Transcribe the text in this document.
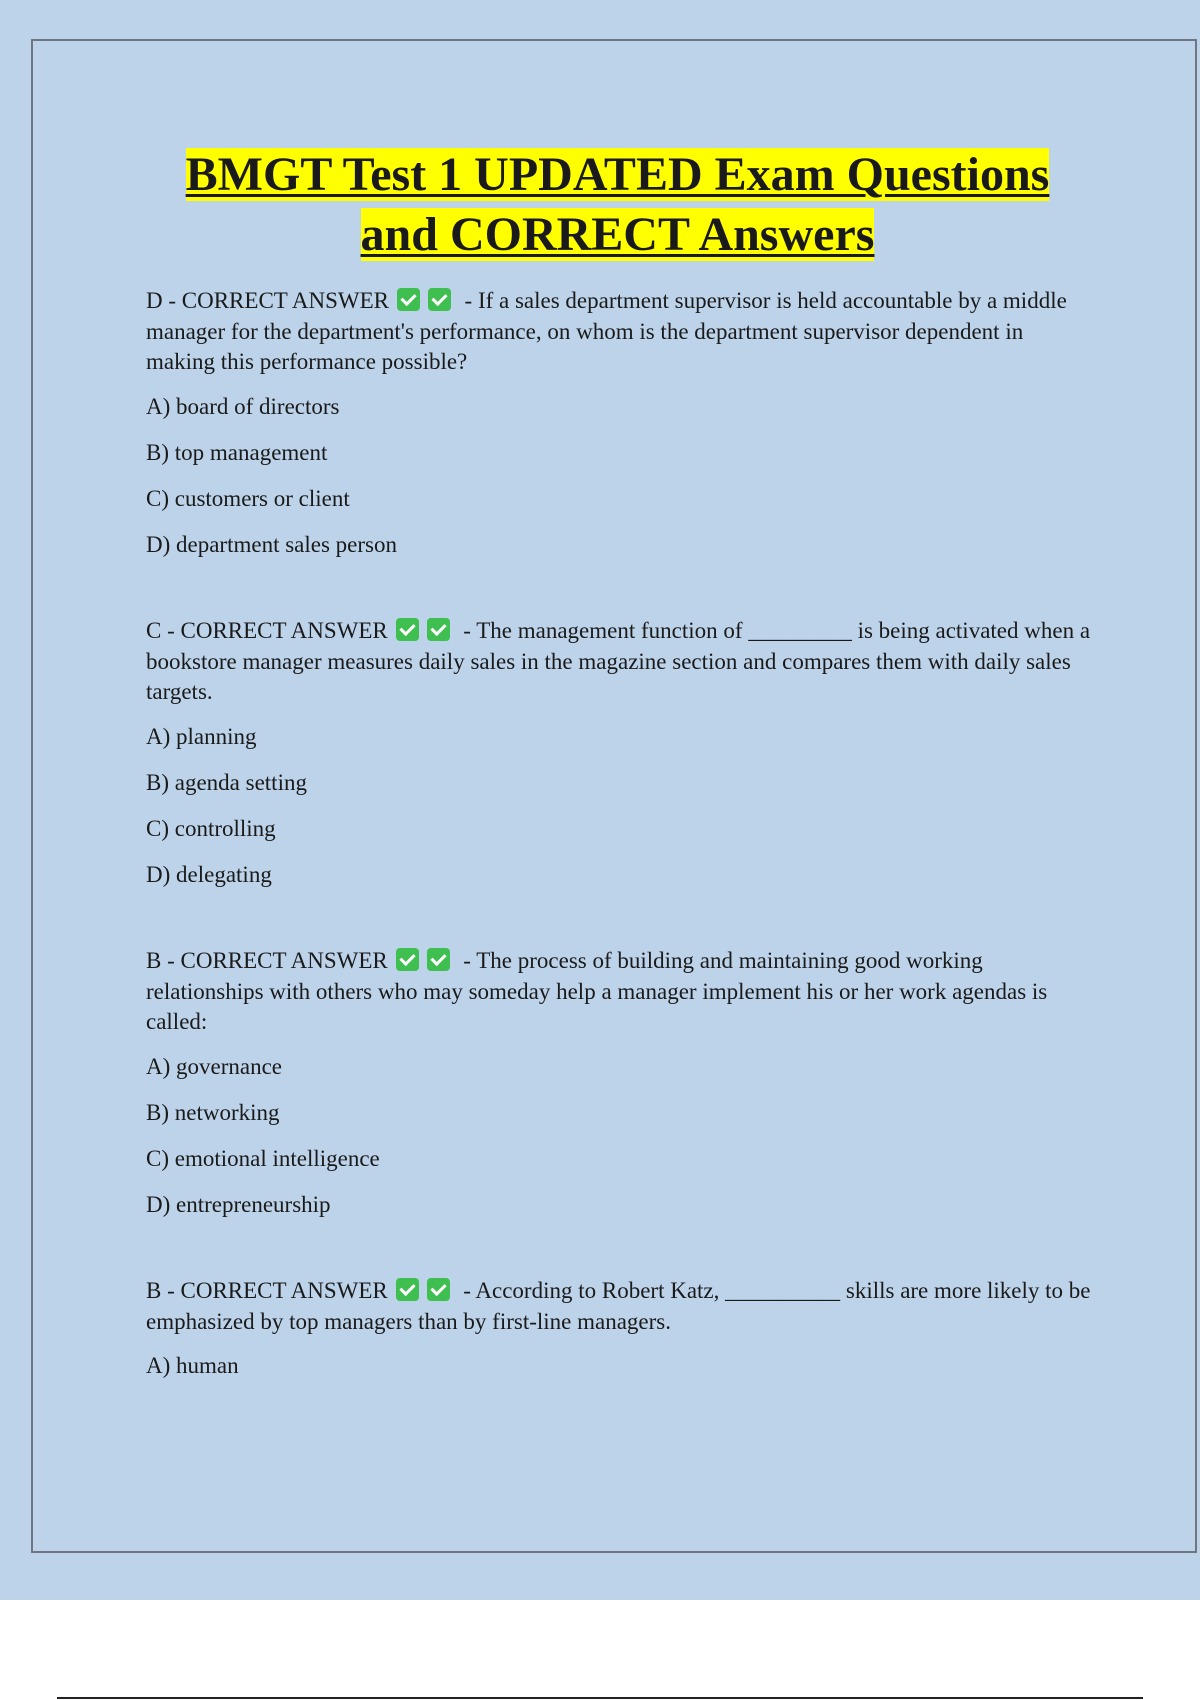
BMGT Test 1 UPDATED Exam Questions
and CORRECT Answers

D - CORRECT ANSWER	- If a sales department supervisor is held accountable by a middle manager for the department's performance, on whom is the department supervisor dependent in making this performance possible?

A) board of directors
B) top management
C) customers or client
D) department sales person

C - CORRECT ANSWER	- The management function of _________ is being activated when a bookstore manager measures daily sales in the magazine section and compares them with daily sales targets.

A) planning
B) agenda setting
C) controlling
D) delegating

B - CORRECT ANSWER	- The process of building and maintaining good working relationships with others who may someday help a manager implement his or her work agendas is called:

A) governance
B) networking
C) emotional intelligence
D) entrepreneurship

B - CORRECT ANSWER	- According to Robert Katz, __________ skills are more likely to be emphasized by top managers than by first-line managers.

A) human
